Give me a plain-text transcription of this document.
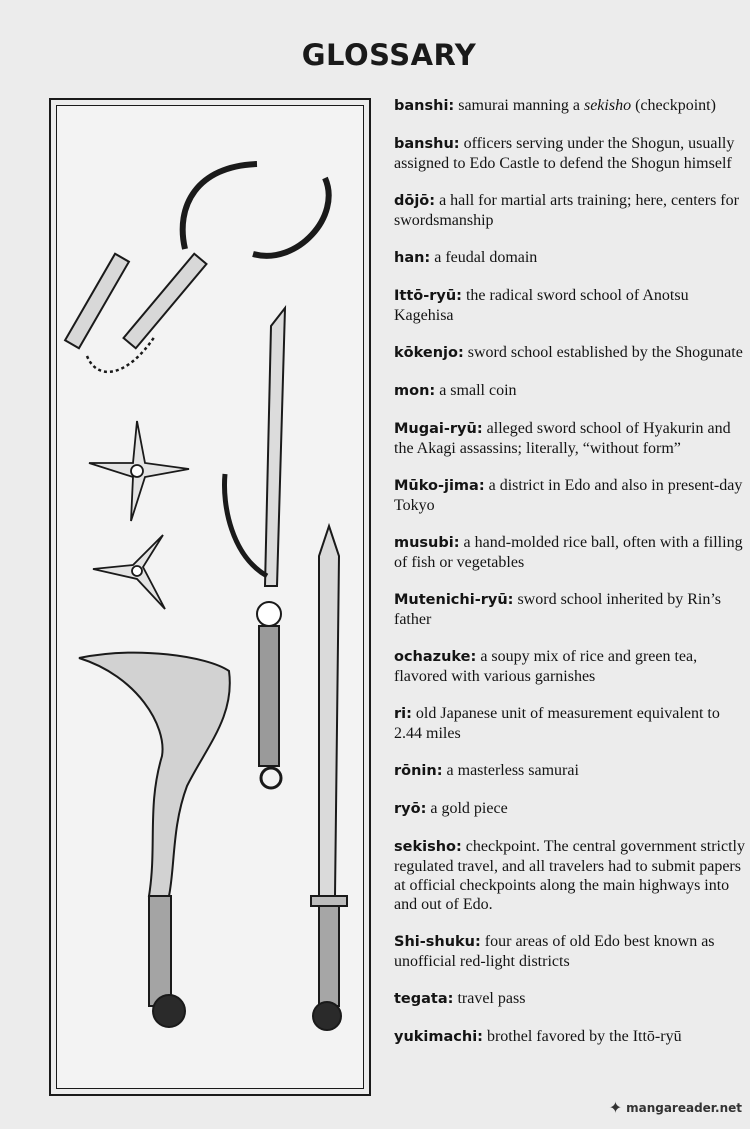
GLOSSARY
banshi: samurai manning a sekisho (checkpoint)
banshu: officers serving under the Shogun, usually assigned to Edo Castle to defend the Shogun himself
dōjō: a hall for martial arts training; here, centers for swordsmanship
han: a feudal domain
Ittō-ryū: the radical sword school of Anotsu Kagehisa
kōkenjo: sword school established by the Shogunate
mon: a small coin
Mugai-ryū: alleged sword school of Hyakurin and the Akagi assassins; literally, “without form”
Mūko-jima: a district in Edo and also in present-day Tokyo
musubi: a hand-molded rice ball, often with a filling of fish or vegetables
Mutenichi-ryū: sword school inherited by Rin’s father
ochazuke: a soupy mix of rice and green tea, flavored with various garnishes
ri: old Japanese unit of measurement equivalent to 2.44 miles
rōnin: a masterless samurai
ryō: a gold piece
sekisho: checkpoint. The central government strictly regulated travel, and all travelers had to submit papers at official checkpoints along the main highways into and out of Edo.
Shi-shuku: four areas of old Edo best known as unofficial red-light districts
tegata: travel pass
yukimachi: brothel favored by the Ittō-ryū
✦ mangareader.net
